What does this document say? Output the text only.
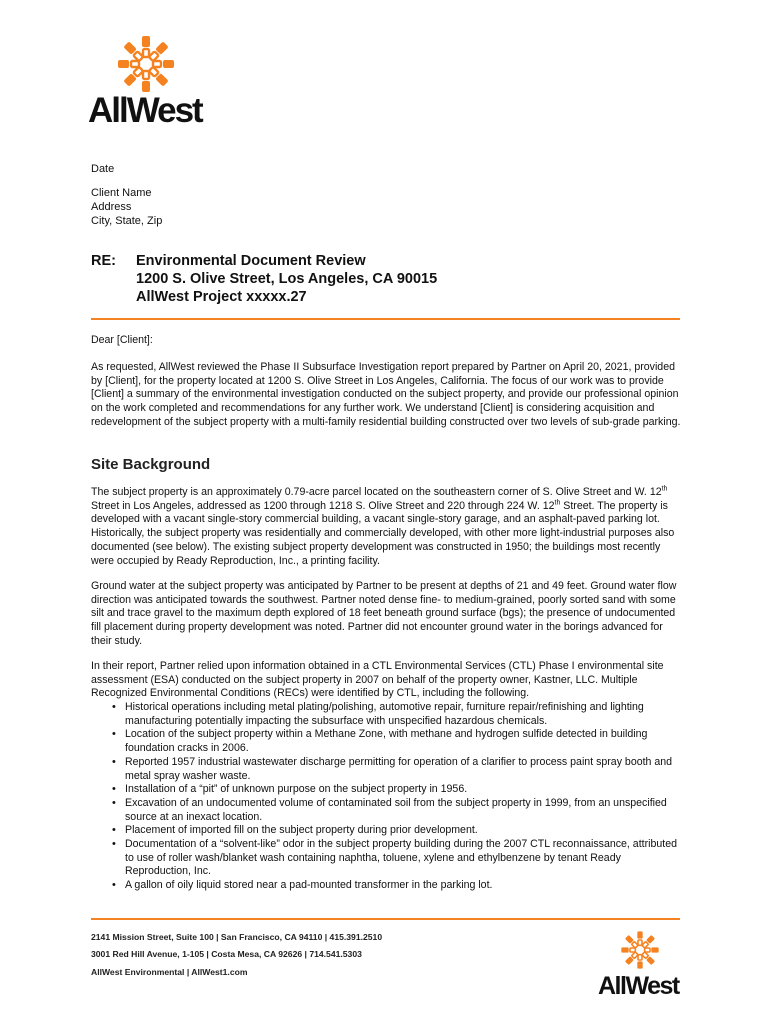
AllWest
Date
Client Name
Address
City, State, Zip
RE: Environmental Document Review
1200 S. Olive Street, Los Angeles, CA 90015
AllWest Project xxxxx.27
Dear [Client]:
As requested, AllWest reviewed the Phase II Subsurface Investigation report prepared by Partner on April 20, 2021, provided by [Client], for the property located at 1200 S. Olive Street in Los Angeles, California. The focus of our work was to provide [Client] a summary of the environmental investigation conducted on the subject property, and provide our professional opinion on the work completed and recommendations for any further work. We understand [Client] is considering acquisition and redevelopment of the subject property with a multi-family residential building constructed over two levels of sub-grade parking.
Site Background
The subject property is an approximately 0.79-acre parcel located on the southeastern corner of S. Olive Street and W. 12th Street in Los Angeles, addressed as 1200 through 1218 S. Olive Street and 220 through 224 W. 12th Street. The property is developed with a vacant single-story commercial building, a vacant single-story garage, and an asphalt-paved parking lot. Historically, the subject property was residentially and commercially developed, with other more light-industrial purposes also documented (see below). The existing subject property development was constructed in 1950; the buildings most recently were occupied by Ready Reproduction, Inc., a printing facility.
Ground water at the subject property was anticipated by Partner to be present at depths of 21 and 49 feet. Ground water flow direction was anticipated towards the southwest. Partner noted dense fine- to medium-grained, poorly sorted sand with some silt and trace gravel to the maximum depth explored of 18 feet beneath ground surface (bgs); the presence of undocumented fill placement during property development was noted. Partner did not encounter ground water in the borings advanced for their study.
In their report, Partner relied upon information obtained in a CTL Environmental Services (CTL) Phase I environmental site assessment (ESA) conducted on the subject property in 2007 on behalf of the property owner, Kastner, LLC. Multiple Recognized Environmental Conditions (RECs) were identified by CTL, including the following.
• Historical operations including metal plating/polishing, automotive repair, furniture repair/refinishing and lighting manufacturing potentially impacting the subsurface with unspecified hazardous chemicals.
• Location of the subject property within a Methane Zone, with methane and hydrogen sulfide detected in building foundation cracks in 2006.
• Reported 1957 industrial wastewater discharge permitting for operation of a clarifier to process paint spray booth and metal spray washer waste.
• Installation of a “pit” of unknown purpose on the subject property in 1956.
• Excavation of an undocumented volume of contaminated soil from the subject property in 1999, from an unspecified source at an inexact location.
• Placement of imported fill on the subject property during prior development.
• Documentation of a “solvent-like” odor in the subject property building during the 2007 CTL reconnaissance, attributed to use of roller wash/blanket wash containing naphtha, toluene, xylene and ethylbenzene by tenant Ready Reproduction, Inc.
• A gallon of oily liquid stored near a pad-mounted transformer in the parking lot.
2141 Mission Street, Suite 100 | San Francisco, CA 94110 | 415.391.2510
3001 Red Hill Avenue, 1-105 | Costa Mesa, CA 92626 | 714.541.5303
AllWest Environmental | AllWest1.com	AllWest
